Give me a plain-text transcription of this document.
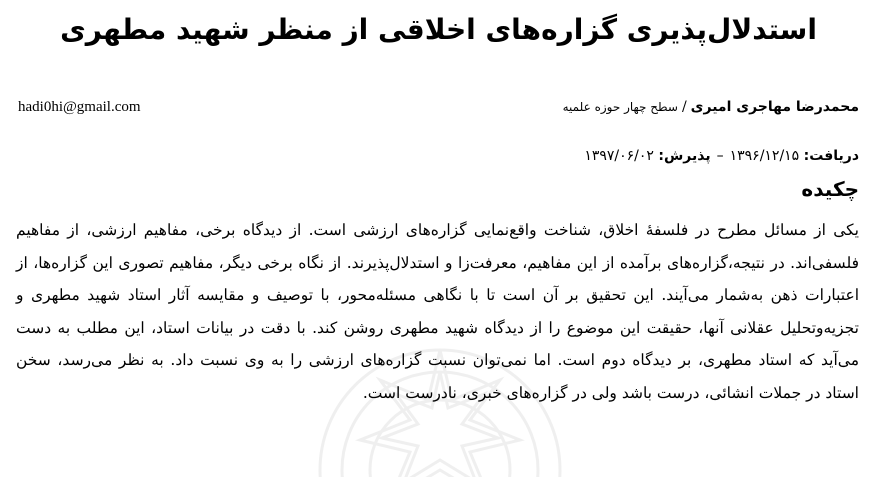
استدلال‌پذیری گزاره‌های اخلاقی از منظر شهید مطهری
hadi0hi@gmail.com	محمدرضا مهاجری امیری/سطح چهار حوزه علمیه
دریافت: ۱۳۹۶/۱۲/۱۵–پذیرش: ۱۳۹۷/۰۶/۰۲
چکیده

یکی از مسائل مطرح در فلسفهٔ اخلاق، شناخت واقع‌نمایی گزاره‌های ارزشی است. از دیدگاه برخی، مفاهیم ارزشی، از مفاهیم فلسفی‌اند. در نتیجه،گزاره‌های برآمده از این مفاهیم، معرفت‌زا و استدلال‌پذیرند. از نگاه برخی دیگر، مفاهیم تصوری این گزاره‌ها، از اعتبارات ذهن به‌شمار می‌آیند. این تحقیق بر آن است تا با نگاهی مسئله‌محور، با توصیف و مقایسه آثار استاد شهید مطهری و تجزیه‌وتحلیل عقلانی آنها، حقیقت این موضوع را از دیدگاه شهید مطهری روشن کند. با دقت در بیانات استاد، این مطلب به دست می‌آید که استاد مطهری، بر دیدگاه دوم است. اما نمی‌توان نسبت گزاره‌های ارزشی را به وی نسبت داد. به نظر می‌رسد، سخن استاد در جملات انشائی، درست باشد ولی در گزاره‌های خبری، نادرست است.
